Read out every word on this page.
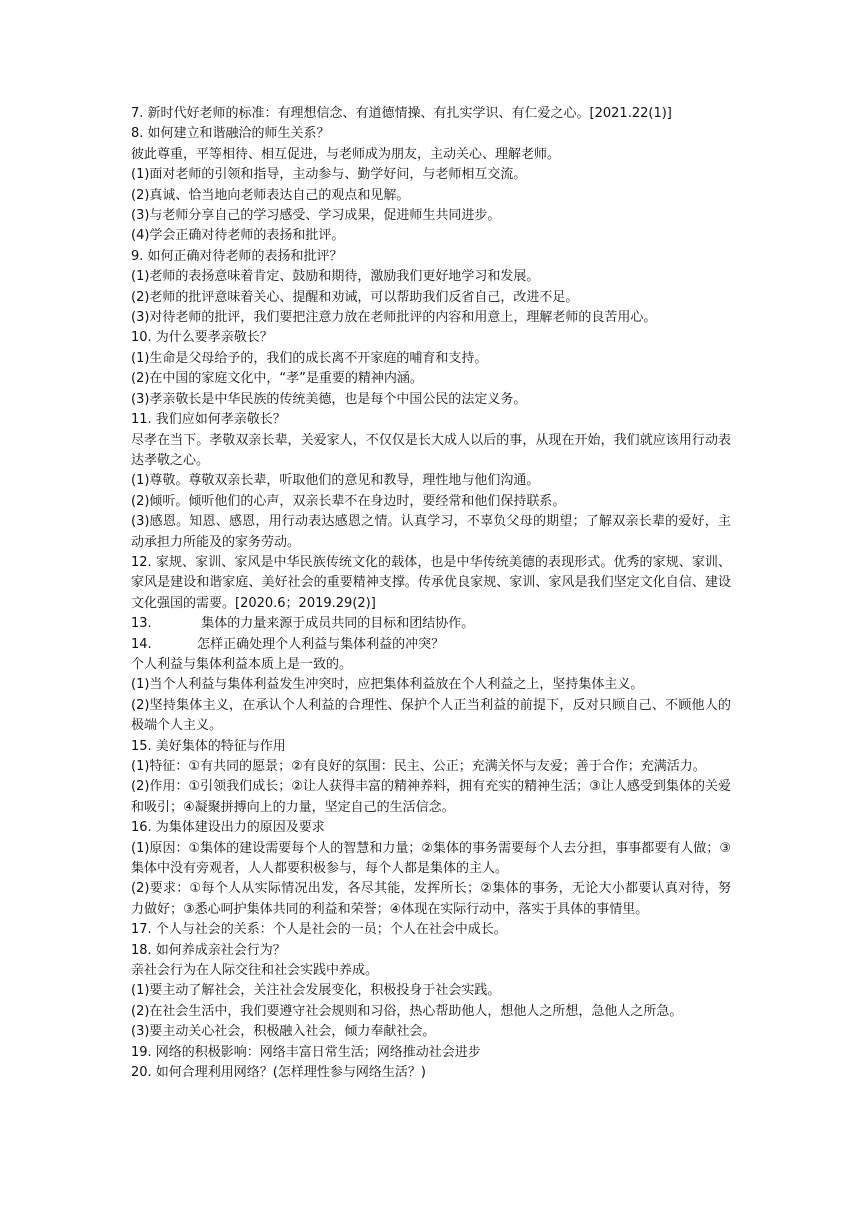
7. 新时代好老师的标准：有理想信念、有道德情操、有扎实学识、有仁爱之心。[2021.22(1)]

8. 如何建立和谐融洽的师生关系？

彼此尊重，平等相待、相互促进，与老师成为朋友，主动关心、理解老师。

(1)面对老师的引领和指导，主动参与、勤学好问，与老师相互交流。

(2)真诚、恰当地向老师表达自己的观点和见解。

(3)与老师分享自己的学习感受、学习成果，促进师生共同进步。

(4)学会正确对待老师的表扬和批评。

9. 如何正确对待老师的表扬和批评？

(1)老师的表扬意味着肯定、鼓励和期待，激励我们更好地学习和发展。

(2)老师的批评意味着关心、提醒和劝诫，可以帮助我们反省自己，改进不足。

(3)对待老师的批评，我们要把注意力放在老师批评的内容和用意上，理解老师的良苦用心。

10. 为什么要孝亲敬长？

(1)生命是父母给予的，我们的成长离不开家庭的哺育和支持。

(2)在中国的家庭文化中，“孝”是重要的精神内涵。

(3)孝亲敬长是中华民族的传统美德，也是每个中国公民的法定义务。

11. 我们应如何孝亲敬长？

尽孝在当下。孝敬双亲长辈，关爱家人，不仅仅是长大成人以后的事，从现在开始，我们就应该用行动表达孝敬之心。

(1)尊敬。尊敬双亲长辈，听取他们的意见和教导，理性地与他们沟通。

(2)倾听。倾听他们的心声，双亲长辈不在身边时，要经常和他们保持联系。

(3)感恩。知恩、感恩，用行动表达感恩之情。认真学习，不辜负父母的期望；了解双亲长辈的爱好，主动承担力所能及的家务劳动。

12. 家规、家训、家风是中华民族传统文化的载体，也是中华传统美德的表现形式。优秀的家规、家训、家风是建设和谐家庭、美好社会的重要精神支撑。传承优良家规、家训、家风是我们坚定文化自信、建设文化强国的需要。[2020.6；2019.29(2)]

13.            集体的力量来源于成员共同的目标和团结协作。

14.           怎样正确处理个人利益与集体利益的冲突？

个人利益与集体利益本质上是一致的。

(1)当个人利益与集体利益发生冲突时，应把集体利益放在个人利益之上，坚持集体主义。

(2)坚持集体主义，在承认个人利益的合理性、保护个人正当利益的前提下，反对只顾自己、不顾他人的极端个人主义。

15. 美好集体的特征与作用

(1)特征：①有共同的愿景；②有良好的氛围：民主、公正；充满关怀与友爱；善于合作；充满活力。

(2)作用：①引领我们成长；②让人获得丰富的精神养料，拥有充实的精神生活；③让人感受到集体的关爱和吸引；④凝聚拼搏向上的力量，坚定自己的生活信念。

16. 为集体建设出力的原因及要求

(1)原因：①集体的建设需要每个人的智慧和力量；②集体的事务需要每个人去分担，事事都要有人做；③集体中没有旁观者，人人都要积极参与，每个人都是集体的主人。

(2)要求：①每个人从实际情况出发，各尽其能，发挥所长；②集体的事务，无论大小都要认真对待，努力做好；③悉心呵护集体共同的利益和荣誉；④体现在实际行动中，落实于具体的事情里。

17. 个人与社会的关系：个人是社会的一员；个人在社会中成长。

18. 如何养成亲社会行为？

亲社会行为在人际交往和社会实践中养成。

(1)要主动了解社会，关注社会发展变化，积极投身于社会实践。

(2)在社会生活中，我们要遵守社会规则和习俗，热心帮助他人，想他人之所想，急他人之所急。

(3)要主动关心社会，积极融入社会，倾力奉献社会。

19. 网络的积极影响：网络丰富日常生活；网络推动社会进步

20. 如何合理利用网络？(怎样理性参与网络生活？)
